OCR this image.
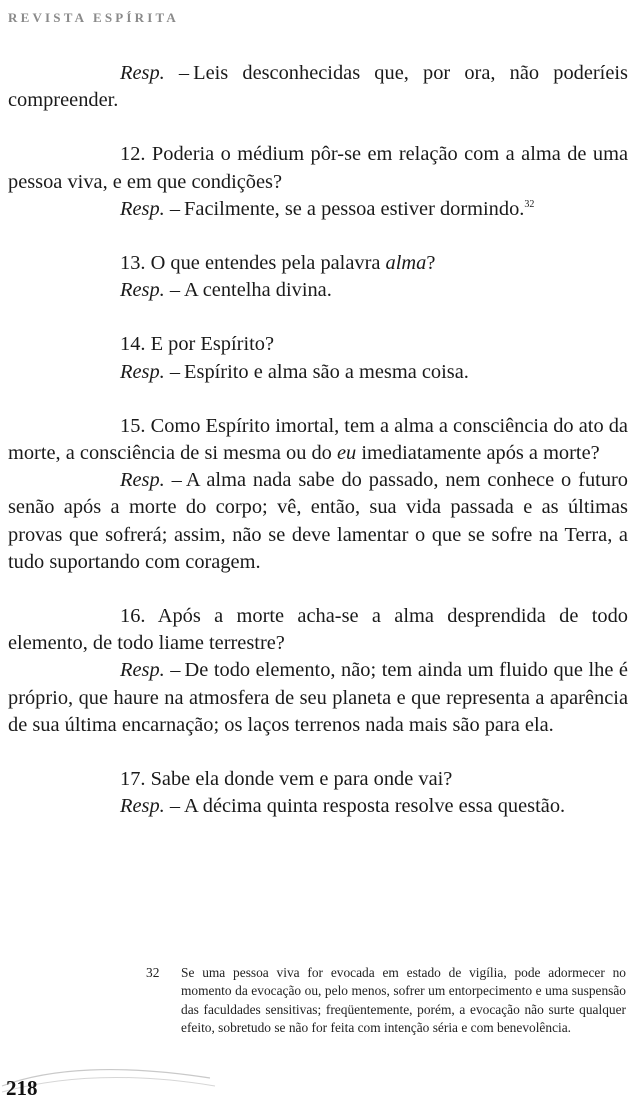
REVISTA ESPÍRITA

Resp. – Leis desconhecidas que, por ora, não poderíeis compreender.

12. Poderia o médium pôr-se em relação com a alma de uma pessoa viva, e em que condições?

Resp. – Facilmente, se a pessoa estiver dormindo.$^{32}$

13. O que entendes pela palavra alma?

Resp. – A centelha divina.

14. E por Espírito?

Resp. – Espírito e alma são a mesma coisa.

15. Como Espírito imortal, tem a alma a consciência do ato da morte, a consciência de si mesma ou do eu imediatamente após a morte?

Resp. – A alma nada sabe do passado, nem conhece o futuro senão após a morte do corpo; vê, então, sua vida passada e as últimas provas que sofrerá; assim, não se deve lamentar o que se sofre na Terra, a tudo suportando com coragem.

16. Após a morte acha-se a alma desprendida de todo elemento, de todo liame terrestre?

Resp. – De todo elemento, não; tem ainda um fluido que lhe é próprio, que haure na atmosfera de seu planeta e que representa a aparência de sua última encarnação; os laços terrenos nada mais são para ela.

17. Sabe ela donde vem e para onde vai?

Resp. – A décima quinta resposta resolve essa questão.

32	Se uma pessoa viva for evocada em estado de vigília, pode adormecer no momento da evocação ou, pelo menos, sofrer um entorpecimento e uma suspensão das faculdades sensitivas; freqüentemente, porém, a evocação não surte qualquer efeito, sobretudo se não for feita com intenção séria e com benevolência.
218
